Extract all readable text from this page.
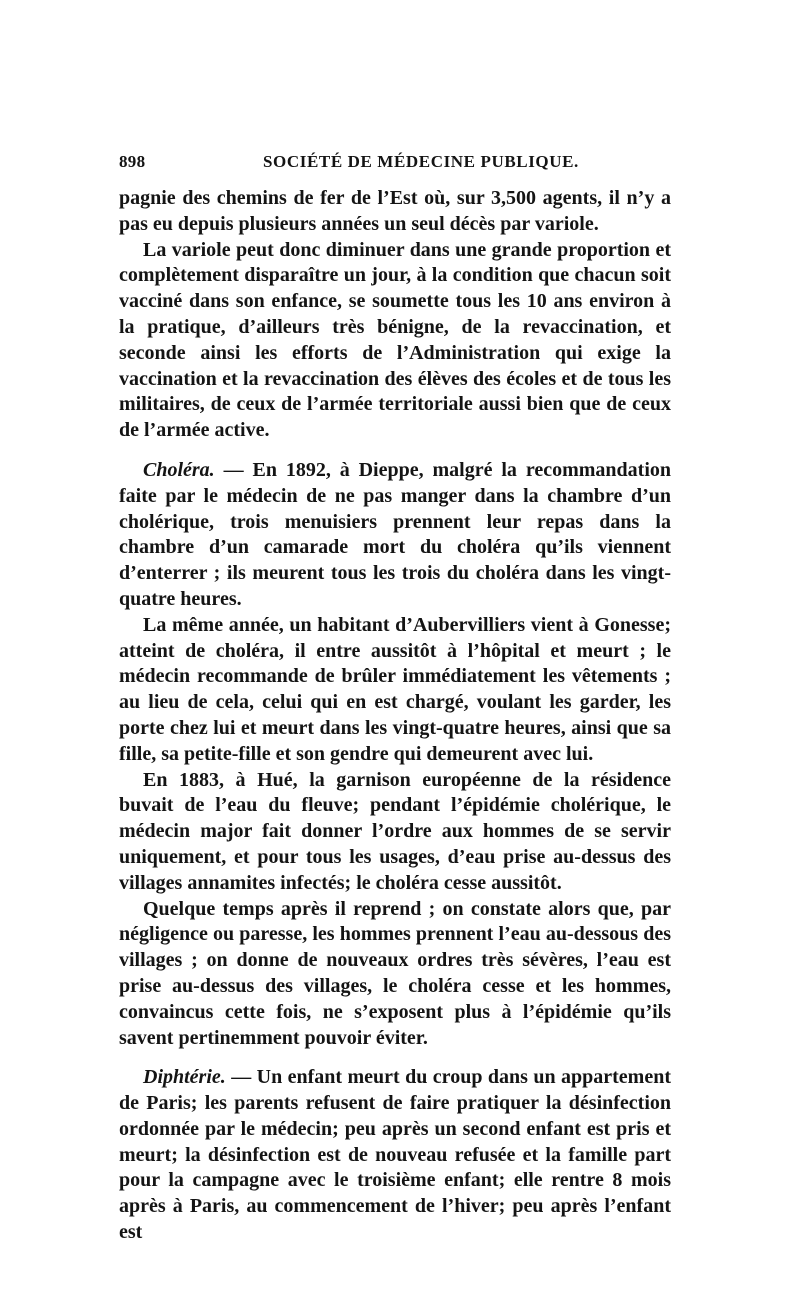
898	SOCIÉTÉ DE MÉDECINE PUBLIQUE.

pagnie des chemins de fer de l’Est où, sur 3,500 agents, il n’y a pas eu depuis plusieurs années un seul décès par variole.

La variole peut donc diminuer dans une grande proportion et complètement disparaître un jour, à la condition que chacun soit vacciné dans son enfance, se soumette tous les 10 ans environ à la pratique, d’ailleurs très bénigne, de la revaccination, et seconde ainsi les efforts de l’Administration qui exige la vaccination et la revaccination des élèves des écoles et de tous les militaires, de ceux de l’armée territoriale aussi bien que de ceux de l’armée active.

Choléra. — En 1892, à Dieppe, malgré la recommandation faite par le médecin de ne pas manger dans la chambre d’un cholérique, trois menuisiers prennent leur repas dans la chambre d’un camarade mort du choléra qu’ils viennent d’enterrer ; ils meurent tous les trois du choléra dans les vingt-quatre heures.

La même année, un habitant d’Aubervilliers vient à Gonesse; atteint de choléra, il entre aussitôt à l’hôpital et meurt ; le médecin recommande de brûler immédiatement les vêtements ; au lieu de cela, celui qui en est chargé, voulant les garder, les porte chez lui et meurt dans les vingt-quatre heures, ainsi que sa fille, sa petite-fille et son gendre qui demeurent avec lui.

En 1883, à Hué, la garnison européenne de la résidence buvait de l’eau du fleuve; pendant l’épidémie cholérique, le médecin major fait donner l’ordre aux hommes de se servir uniquement, et pour tous les usages, d’eau prise au-dessus des villages annamites infectés; le choléra cesse aussitôt.

Quelque temps après il reprend ; on constate alors que, par négligence ou paresse, les hommes prennent l’eau au-dessous des villages ; on donne de nouveaux ordres très sévères, l’eau est prise au-dessus des villages, le choléra cesse et les hommes, convaincus cette fois, ne s’exposent plus à l’épidémie qu’ils savent pertinemment pouvoir éviter.

Diphtérie. — Un enfant meurt du croup dans un appartement de Paris; les parents refusent de faire pratiquer la désinfection ordonnée par le médecin; peu après un second enfant est pris et meurt; la désinfection est de nouveau refusée et la famille part pour la campagne avec le troisième enfant; elle rentre 8 mois après à Paris, au commencement de l’hiver; peu après l’enfant est
